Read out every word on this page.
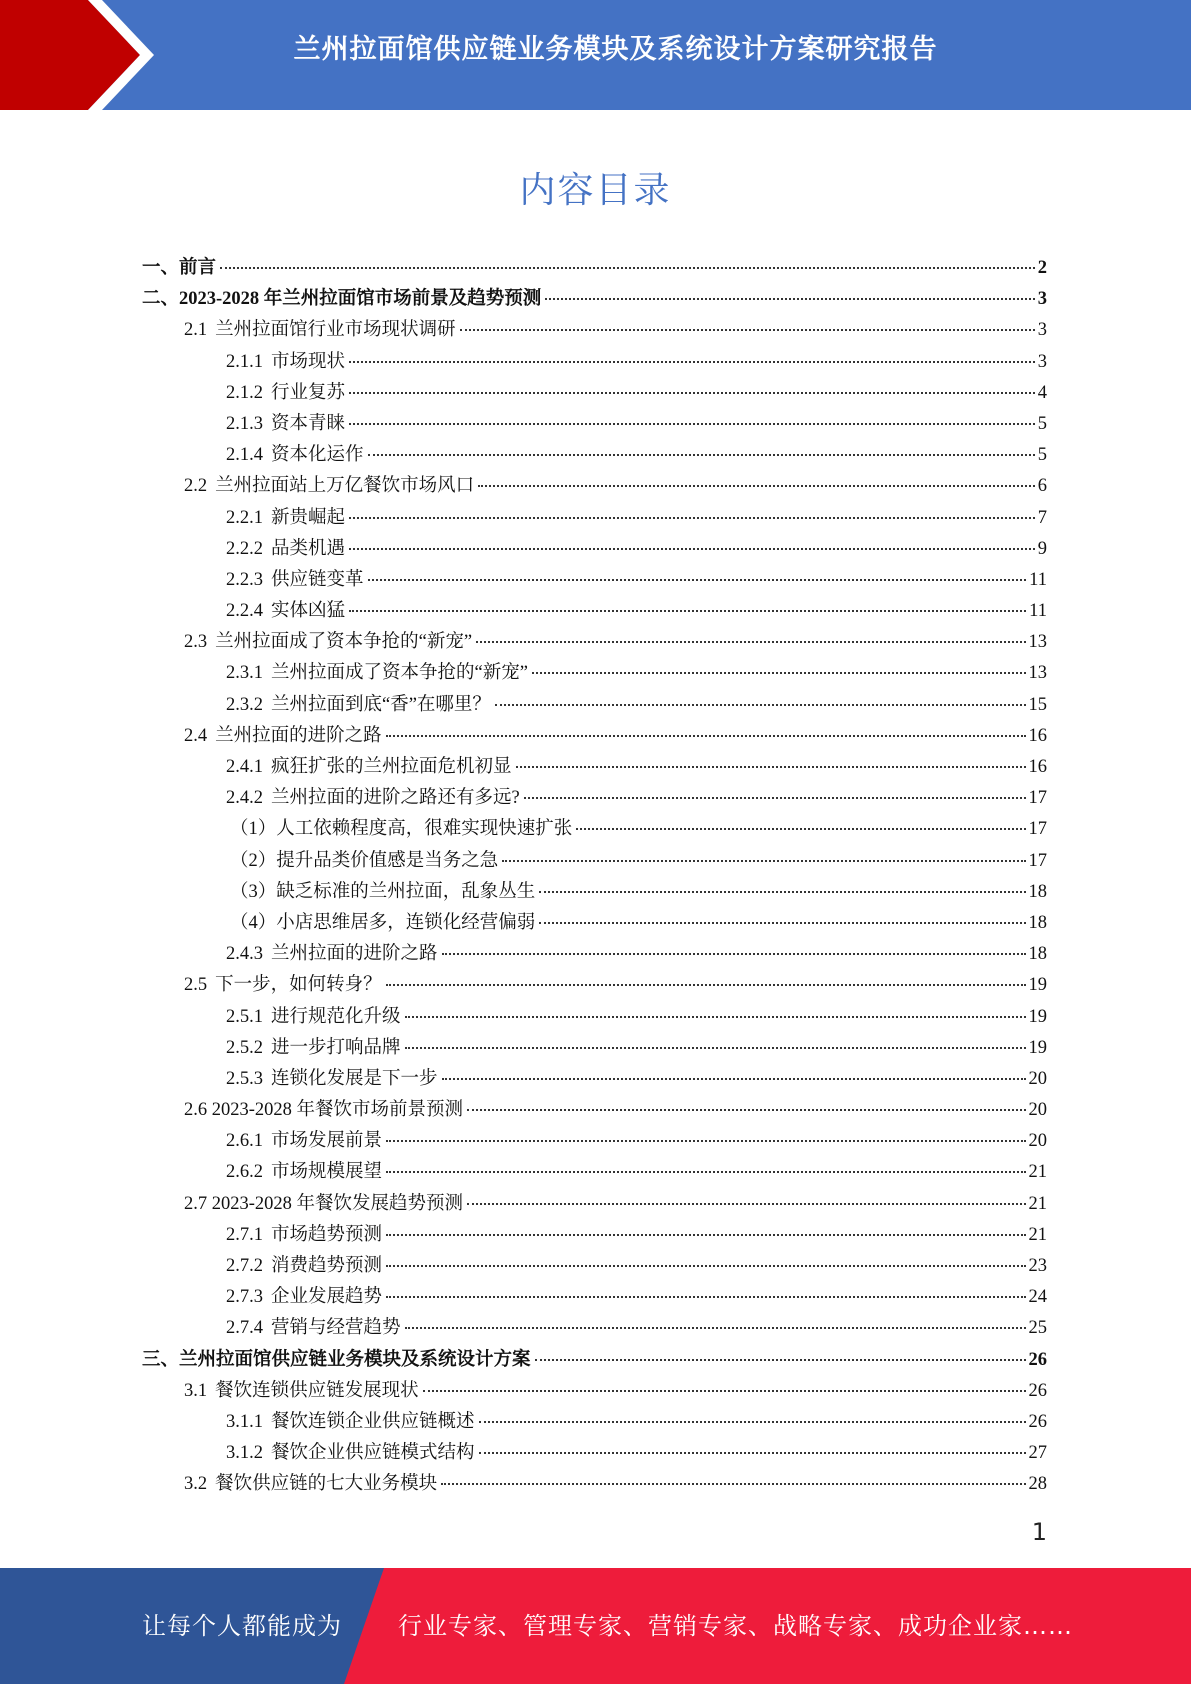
兰州拉面馆供应链业务模块及系统设计方案研究报告
内容目录
一、前言	2
二、2023-2028 年兰州拉面馆市场前景及趋势预测	3
2.1 兰州拉面馆行业市场现状调研	3
2.1.1 市场现状	3
2.1.2 行业复苏	4
2.1.3 资本青睐	5
2.1.4 资本化运作	5
2.2 兰州拉面站上万亿餐饮市场风口	6
2.2.1 新贵崛起	7
2.2.2 品类机遇	9
2.2.3 供应链变革	11
2.2.4 实体凶猛	11
2.3 兰州拉面成了资本争抢的“新宠”	13
2.3.1 兰州拉面成了资本争抢的“新宠”	13
2.3.2 兰州拉面到底“香”在哪里？	15
2.4 兰州拉面的进阶之路	16
2.4.1 疯狂扩张的兰州拉面危机初显	16
2.4.2 兰州拉面的进阶之路还有多远?	17
（1）人工依赖程度高，很难实现快速扩张	17
（2）提升品类价值感是当务之急	17
（3）缺乏标准的兰州拉面，乱象丛生	18
（4）小店思维居多，连锁化经营偏弱	18
2.4.3 兰州拉面的进阶之路	18
2.5 下一步，如何转身？	19
2.5.1 进行规范化升级	19
2.5.2 进一步打响品牌	19
2.5.3 连锁化发展是下一步	20
2.6 2023-2028 年餐饮市场前景预测	20
2.6.1 市场发展前景	20
2.6.2 市场规模展望	21
2.7 2023-2028 年餐饮发展趋势预测	21
2.7.1 市场趋势预测	21
2.7.2 消费趋势预测	23
2.7.3 企业发展趋势	24
2.7.4 营销与经营趋势	25
三、兰州拉面馆供应链业务模块及系统设计方案	26
3.1 餐饮连锁供应链发展现状	26
3.1.1 餐饮连锁企业供应链概述	26
3.1.2 餐饮企业供应链模式结构	27
3.2 餐饮供应链的七大业务模块	28
1
让每个人都能成为 行业专家、管理专家、营销专家、战略专家、成功企业家……
